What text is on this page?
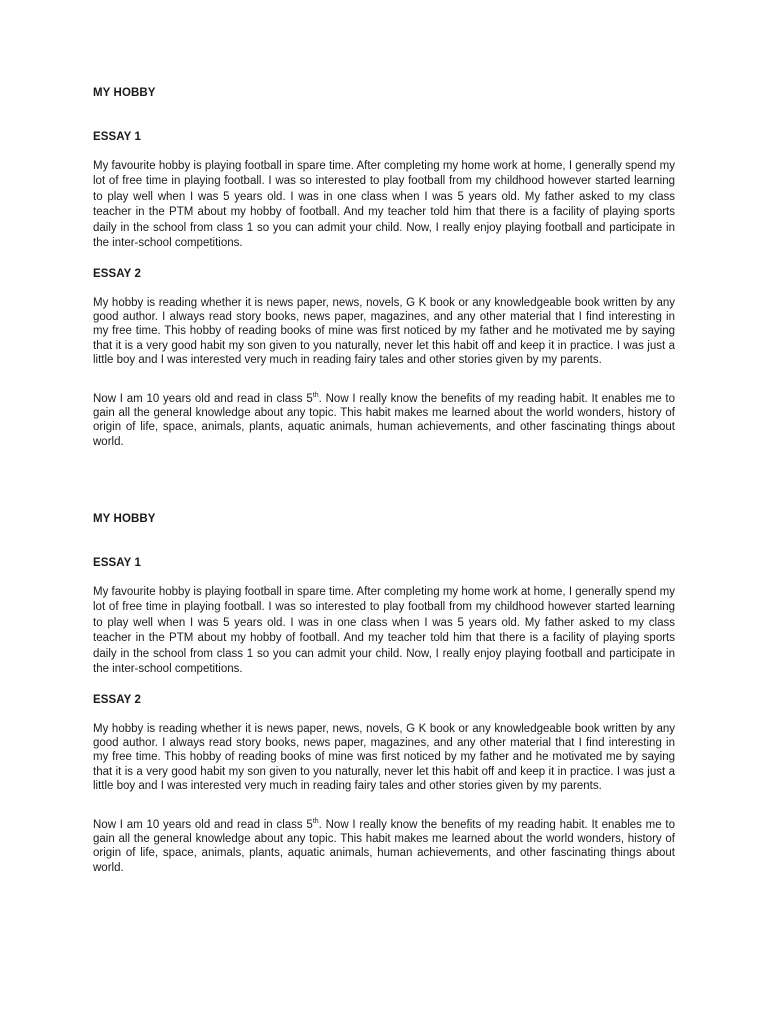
MY HOBBY
ESSAY 1

My favourite hobby is playing football in spare time. After completing my home work at home, I generally spend my lot of free time in playing football. I was so interested to play football from my childhood however started learning to play well when I was 5 years old. I was in one class when I was 5 years old. My father asked to my class teacher in the PTM about my hobby of football. And my teacher told him that there is a facility of playing sports daily in the school from class 1 so you can admit your child. Now, I really enjoy playing football and participate in the inter-school competitions.

ESSAY 2

My hobby is reading whether it is news paper, news, novels, G K book or any knowledgeable book written by any good author. I always read story books, news paper, magazines, and any other material that I find interesting in my free time. This hobby of reading books of mine was first noticed by my father and he motivated me by saying that it is a very good habit my son given to you naturally, never let this habit off and keep it in practice. I was just a little boy and I was interested very much in reading fairy tales and other stories given by my parents.

Now I am 10 years old and read in class 5th. Now I really know the benefits of my reading habit. It enables me to gain all the general knowledge about any topic. This habit makes me learned about the world wonders, history of origin of life, space, animals, plants, aquatic animals, human achievements, and other fascinating things about world.

MY HOBBY
ESSAY 1

My favourite hobby is playing football in spare time. After completing my home work at home, I generally spend my lot of free time in playing football. I was so interested to play football from my childhood however started learning to play well when I was 5 years old. I was in one class when I was 5 years old. My father asked to my class teacher in the PTM about my hobby of football. And my teacher told him that there is a facility of playing sports daily in the school from class 1 so you can admit your child. Now, I really enjoy playing football and participate in the inter-school competitions.

ESSAY 2

My hobby is reading whether it is news paper, news, novels, G K book or any knowledgeable book written by any good author. I always read story books, news paper, magazines, and any other material that I find interesting in my free time. This hobby of reading books of mine was first noticed by my father and he motivated me by saying that it is a very good habit my son given to you naturally, never let this habit off and keep it in practice. I was just a little boy and I was interested very much in reading fairy tales and other stories given by my parents.

Now I am 10 years old and read in class 5th. Now I really know the benefits of my reading habit. It enables me to gain all the general knowledge about any topic. This habit makes me learned about the world wonders, history of origin of life, space, animals, plants, aquatic animals, human achievements, and other fascinating things about world.
